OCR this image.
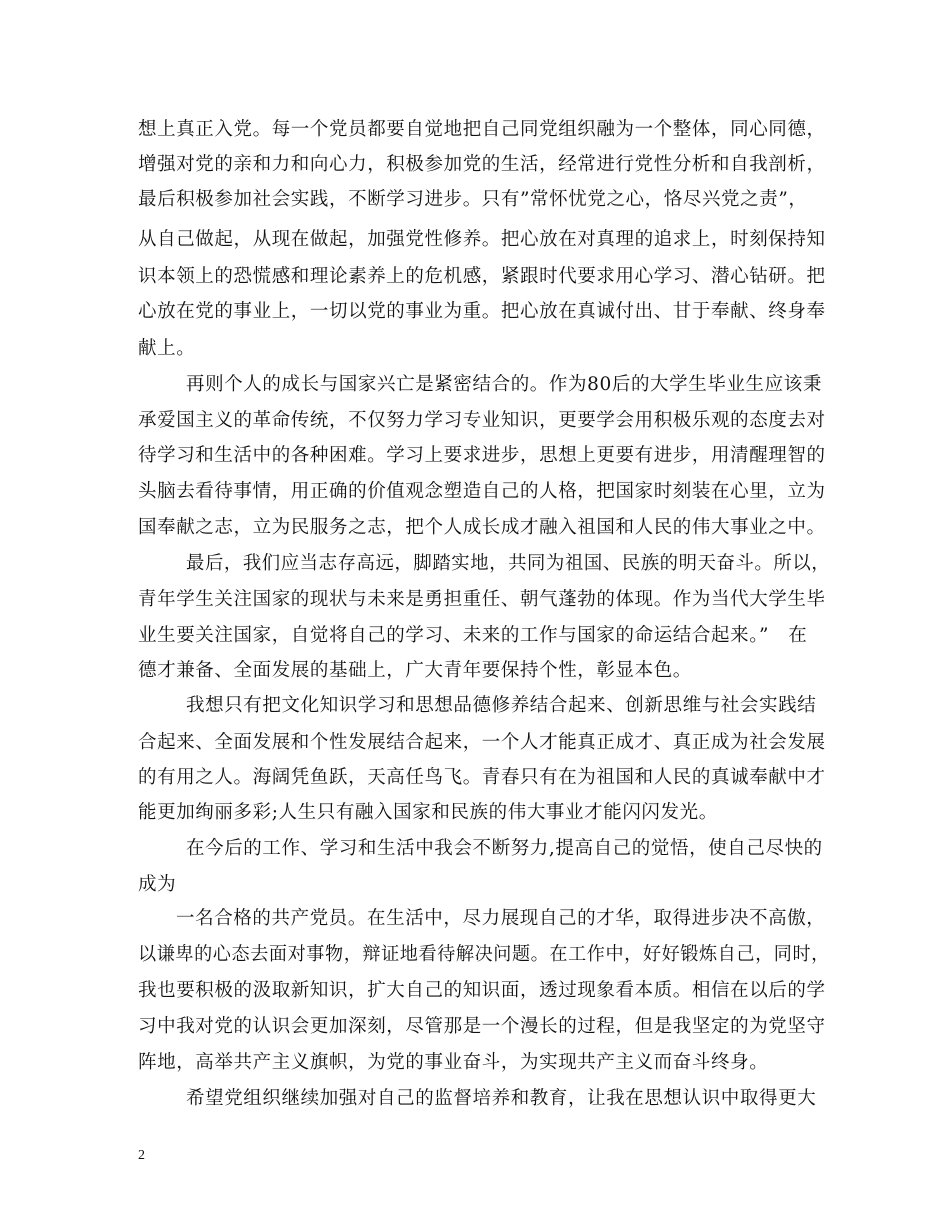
想上真正入党。每一个党员都要自觉地把自己同党组织融为一个整体，同心同德，
增强对党的亲和力和向心力，积极参加党的生活，经常进行党性分析和自我剖析，
最后积极参加社会实践，不断学习进步。只有”常怀忧党之心，恪尽兴党之责”，
从自己做起，从现在做起，加强党性修养。把心放在对真理的追求上，时刻保持知
识本领上的恐慌感和理论素养上的危机感，紧跟时代要求用心学习、潜心钻研。把
心放在党的事业上，一切以党的事业为重。把心放在真诚付出、甘于奉献、终身奉
献上。
再则个人的成长与国家兴亡是紧密结合的。作为80后的大学生毕业生应该秉
承爱国主义的革命传统，不仅努力学习专业知识，更要学会用积极乐观的态度去对
待学习和生活中的各种困难。学习上要求进步，思想上更要有进步，用清醒理智的
头脑去看待事情，用正确的价值观念塑造自己的人格，把国家时刻装在心里，立为
国奉献之志，立为民服务之志，把个人成长成才融入祖国和人民的伟大事业之中。
最后，我们应当志存高远，脚踏实地，共同为祖国、民族的明天奋斗。所以，
青年学生关注国家的现状与未来是勇担重任、朝气蓬勃的体现。作为当代大学生毕
业生要关注国家，自觉将自己的学习、未来的工作与国家的命运结合起来。”　在
德才兼备、全面发展的基础上，广大青年要保持个性，彰显本色。
我想只有把文化知识学习和思想品德修养结合起来、创新思维与社会实践结
合起来、全面发展和个性发展结合起来，一个人才能真正成才、真正成为社会发展
的有用之人。海阔凭鱼跃，天高任鸟飞。青春只有在为祖国和人民的真诚奉献中才
能更加绚丽多彩;人生只有融入国家和民族的伟大事业才能闪闪发光。
在今后的工作、学习和生活中我会不断努力,提高自己的觉悟，使自己尽快的
成为
一名合格的共产党员。在生活中，尽力展现自己的才华，取得进步决不高傲，
以谦卑的心态去面对事物，辩证地看待解决问题。在工作中，好好锻炼自己，同时，
我也要积极的汲取新知识，扩大自己的知识面，透过现象看本质。相信在以后的学
习中我对党的认识会更加深刻，尽管那是一个漫长的过程，但是我坚定的为党坚守
阵地，高举共产主义旗帜，为党的事业奋斗，为实现共产主义而奋斗终身。
希望党组织继续加强对自己的监督培养和教育，让我在思想认识中取得更大
2
